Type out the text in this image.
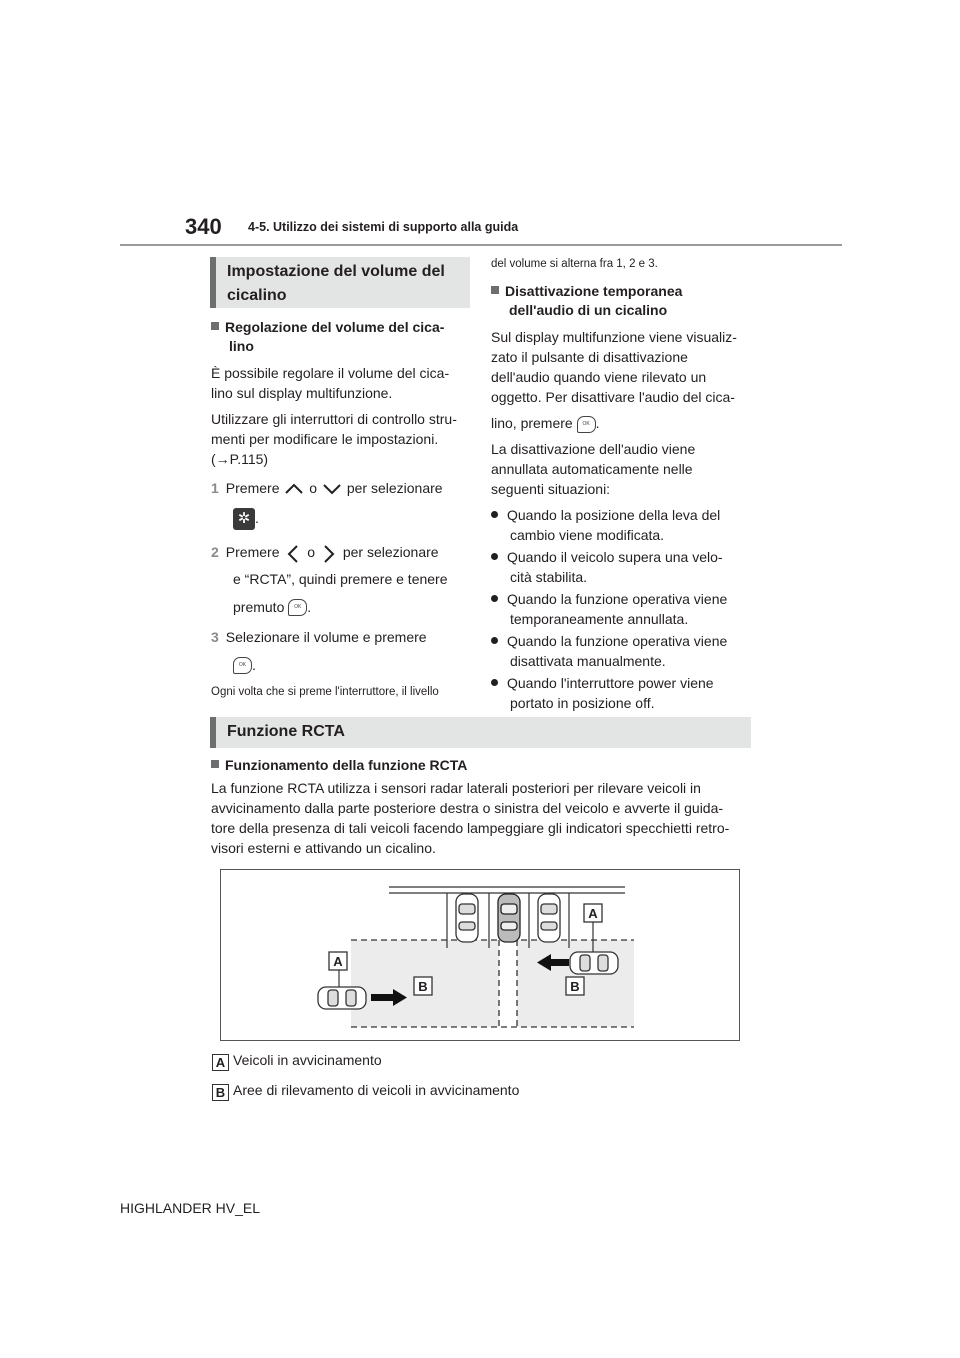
340 4-5. Utilizzo dei sistemi di supporto alla guida
Impostazione del volume del
cicalino
Regolazione del volume del cica-
lino
È possibile regolare il volume del cica-
lino sul display multifunzione.
Utilizzare gli interruttori di controllo stru-
menti per modificare le impostazioni.
(→P.115)
1 Premere o per selezionare
✲ .
2 Premere o per selezionare
e “RCTA”, quindi premere e tenere
premuto OK .
3 Selezionare il volume e premere
OK .
Ogni volta che si preme l'interruttore, il livello
del volume si alterna fra 1, 2 e 3.
Disattivazione temporanea
dell'audio di un cicalino
Sul display multifunzione viene visualiz-
zato il pulsante di disattivazione
dell'audio quando viene rilevato un
oggetto. Per disattivare l'audio del cica-
lino, premere OK .
La disattivazione dell'audio viene
annullata automaticamente nelle
seguenti situazioni:
Quando la posizione della leva del
cambio viene modificata.
Quando il veicolo supera una velo-
cità stabilita.
Quando la funzione operativa viene
temporaneamente annullata.
Quando la funzione operativa viene
disattivata manualmente.
Quando l'interruttore power viene
portato in posizione off.
Funzione RCTA
Funzionamento della funzione RCTA
La funzione RCTA utilizza i sensori radar laterali posteriori per rilevare veicoli in
avvicinamento dalla parte posteriore destra o sinistra del veicolo e avverte il guida-
tore della presenza di tali veicoli facendo lampeggiare gli indicatori specchietti retro-
visori esterni e attivando un cicalino.
A
A
B	B
A Veicoli in avvicinamento
B Aree di rilevamento di veicoli in avvicinamento
HIGHLANDER HV_EL
